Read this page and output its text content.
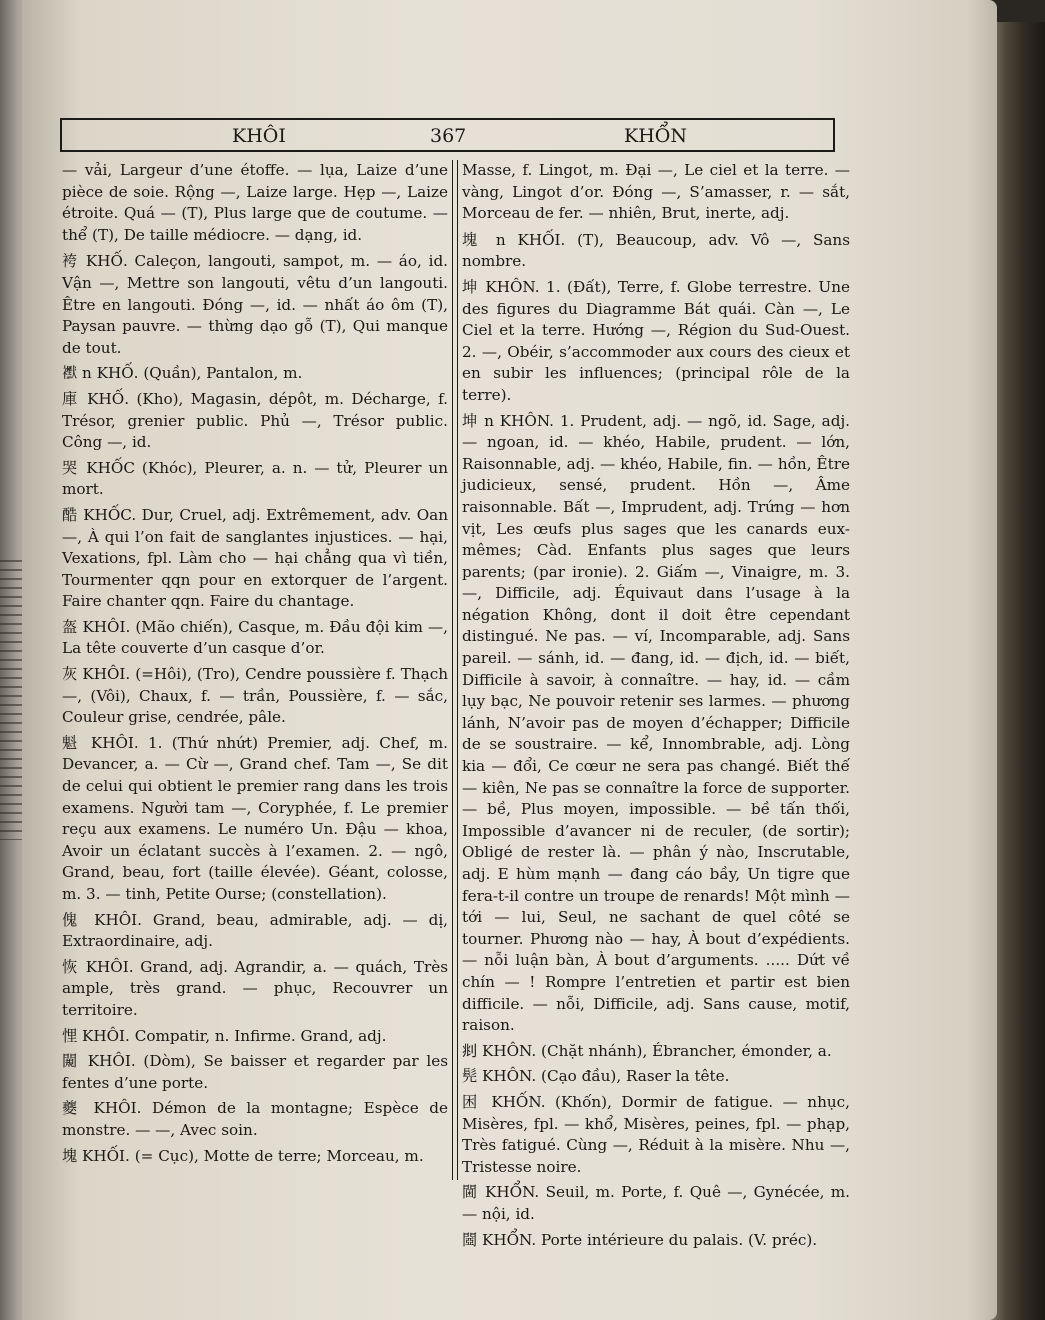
KHÔI	367	KHỔN

— vải, Largeur d’une étoffe. — lụa, Laize d’une pièce de soie. Rộng —, Laize large. Hẹp —, Laize étroite. Quá — (T), Plus large que de coutume. — thể (T), De taille médiocre. — dạng, id.

袴 KHỐ. Caleçon, langouti, sampot, m. — áo, id. Vận —, Mettre son langouti, vêtu d’un langouti. Être en langouti. Đóng —, id. — nhất áo ôm (T), Paysan pauvre. — thừng dạo gỗ (T), Qui manque de tout.

𧞾 n KHỐ. (Quần), Pantalon, m.

庫 KHỐ. (Kho), Magasin, dépôt, m. Décharge, f. Trésor, grenier public. Phủ —, Trésor public. Công —, id.

哭 KHỐC (Khóc), Pleurer, a. n. — tử, Pleurer un mort.

酷 KHỐC. Dur, Cruel, adj. Extrêmement, adv. Oan —, À qui l’on fait de sanglantes injustices. — hại, Vexations, fpl. Làm cho — hại chẳng qua vì tiền, Tourmenter qqn pour en extorquer de l’argent. Faire chanter qqn. Faire du chantage.

盔 KHÔI. (Mão chiến), Casque, m. Đầu đội kim —, La tête couverte d’un casque d’or.

灰 KHÔI. (=Hôi), (Tro), Cendre poussière f. Thạch —, (Vôi), Chaux, f. — trần, Poussière, f. — sắc, Couleur grise, cendrée, pâle.

魁 KHÔI. 1. (Thứ nhứt) Premier, adj. Chef, m. Devancer, a. — Cừ —, Grand chef. Tam —, Se dit de celui qui obtient le premier rang dans les trois examens. Người tam —, Coryphée, f. Le premier reçu aux examens. Le numéro Un. Đậu — khoa, Avoir un éclatant succès à l’examen. 2. — ngô, Grand, beau, fort (taille élevée). Géant, colosse, m. 3. — tinh, Petite Ourse; (constellation).

傀 KHÔI. Grand, beau, admirable, adj. — dị, Extraordinaire, adj.

恢 KHÔI. Grand, adj. Agrandir, a. — quách, Très ample, très grand. — phục, Recouvrer un territoire.

悝 KHÔI. Compatir, n. Infirme. Grand, adj.

闚 KHÔI. (Dòm), Se baisser et regarder par les fentes d’une porte.

夔 KHÔI. Démon de la montagne; Espèce de monstre. — —, Avec soin.

塊 KHỐI. (= Cục), Motte de terre; Morceau, m.

Masse, f. Lingot, m. Đại —, Le ciel et la terre. — vàng, Lingot d’or. Đóng —, S’amasser, r. — sắt, Morceau de fer. — nhiên, Brut, inerte, adj.

塊 n KHỐI. (T), Beaucoup, adv. Vô —, Sans nombre.

坤 KHÔN. 1. (Đất), Terre, f. Globe terrestre. Une des figures du Diagramme Bát quái. Càn —, Le Ciel et la terre. Hướng —, Région du Sud-Ouest. 2. —, Obéir, s’accommoder aux cours des cieux et en subir les influences; (principal rôle de la terre).

坤 n KHÔN. 1. Prudent, adj. — ngõ, id. Sage, adj. — ngoan, id. — khéo, Habile, prudent. — lớn, Raisonnable, adj. — khéo, Habile, fin. — hồn, Être judicieux, sensé, prudent. Hồn —, Âme raisonnable. Bất —, Imprudent, adj. Trứng — hơn vịt, Les œufs plus sages que les canards eux-mêmes; Càd. Enfants plus sages que leurs parents; (par ironie). 2. Giấm —, Vinaigre, m. 3. —, Difficile, adj. Équivaut dans l’usage à la négation Không, dont il doit être cependant distingué. Ne pas. — ví, Incomparable, adj. Sans pareil. — sánh, id. — đang, id. — địch, id. — biết, Difficile à savoir, à connaître. — hay, id. — cầm lụy bạc, Ne pouvoir retenir ses larmes. — phương lánh, N’avoir pas de moyen d’échapper; Difficile de se soustraire. — kể, Innombrable, adj. Lòng kia — đổi, Ce cœur ne sera pas changé. Biết thế — kiên, Ne pas se connaître la force de supporter. — bề, Plus moyen, impossible. — bề tấn thối, Impossible d’avancer ni de reculer, (de sortir); Obligé de rester là. — phân ý nào, Inscrutable, adj. E hùm mạnh — đang cáo bầy, Un tigre que fera-t-il contre un troupe de renards! Một mình — tới — lui, Seul, ne sachant de quel côté se tourner. Phương nào — hay, À bout d’expédients. — nỗi luận bàn, À bout d’arguments. ..... Dứt về chín — ! Rompre l’entretien et partir est bien difficile. — nỗi, Difficile, adj. Sans cause, motif, raison.

𠛪 KHÔN. (Chặt nhánh), Ébrancher, émonder, a.

髡 KHÔN. (Cạo đầu), Raser la tête.

困 KHỐN. (Khốn), Dormir de fatigue. — nhục, Misères, fpl. — khổ, Misères, peines, fpl. — phạp, Très fatigué. Cùng —, Réduit à la misère. Nhu —, Tristesse noire.

閫 KHỔN. Seuil, m. Porte, f. Quê —, Gynécée, m. — nội, id.

閸 KHỔN. Porte intérieure du palais. (V. préc).
